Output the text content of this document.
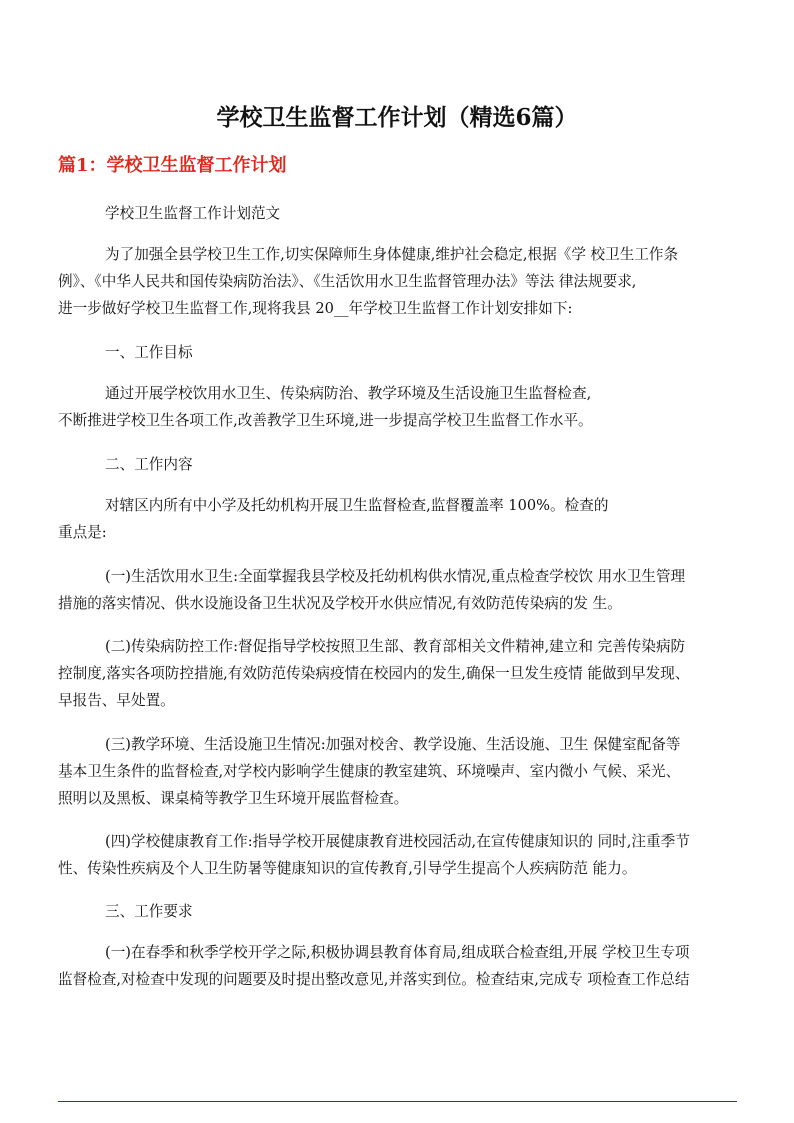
学校卫生监督工作计划（精选6篇）
篇1：学校卫生监督工作计划

学校卫生监督工作计划范文

为了加强全县学校卫生工作,切实保障师生身体健康,维护社会稳定,根据《学 校卫生工作条
例》、《中华人民共和国传染病防治法》、《生活饮用水卫生监督管理办法》等法 律法规要求,
进一步做好学校卫生监督工作,现将我县 20__年学校卫生监督工作计划安排如下:

一、工作目标

通过开展学校饮用水卫生、传染病防治、教学环境及生活设施卫生监督检查,
不断推进学校卫生各项工作,改善教学卫生环境,进一步提高学校卫生监督工作水平。

二、工作内容

对辖区内所有中小学及托幼机构开展卫生监督检查,监督覆盖率 100%。检查的
重点是:

(一)生活饮用水卫生:全面掌握我县学校及托幼机构供水情况,重点检查学校饮 用水卫生管理
措施的落实情况、供水设施设备卫生状况及学校开水供应情况,有效防范传染病的发 生。

(二)传染病防控工作:督促指导学校按照卫生部、教育部相关文件精神,建立和 完善传染病防
控制度,落实各项防控措施,有效防范传染病疫情在校园内的发生,确保一旦发生疫情 能做到早发现、
早报告、早处置。

(三)教学环境、生活设施卫生情况:加强对校舍、教学设施、生活设施、卫生 保健室配备等
基本卫生条件的监督检查,对学校内影响学生健康的教室建筑、环境噪声、室内微小 气候、采光、
照明以及黑板、课桌椅等教学卫生环境开展监督检查。

(四)学校健康教育工作:指导学校开展健康教育进校园活动,在宣传健康知识的 同时,注重季节
性、传染性疾病及个人卫生防暑等健康知识的宣传教育,引导学生提高个人疾病防范 能力。

三、工作要求

(一)在春季和秋季学校开学之际,积极协调县教育体育局,组成联合检查组,开展 学校卫生专项
监督检查,对检查中发现的问题要及时提出整改意见,并落实到位。检查结束,完成专 项检查工作总结
